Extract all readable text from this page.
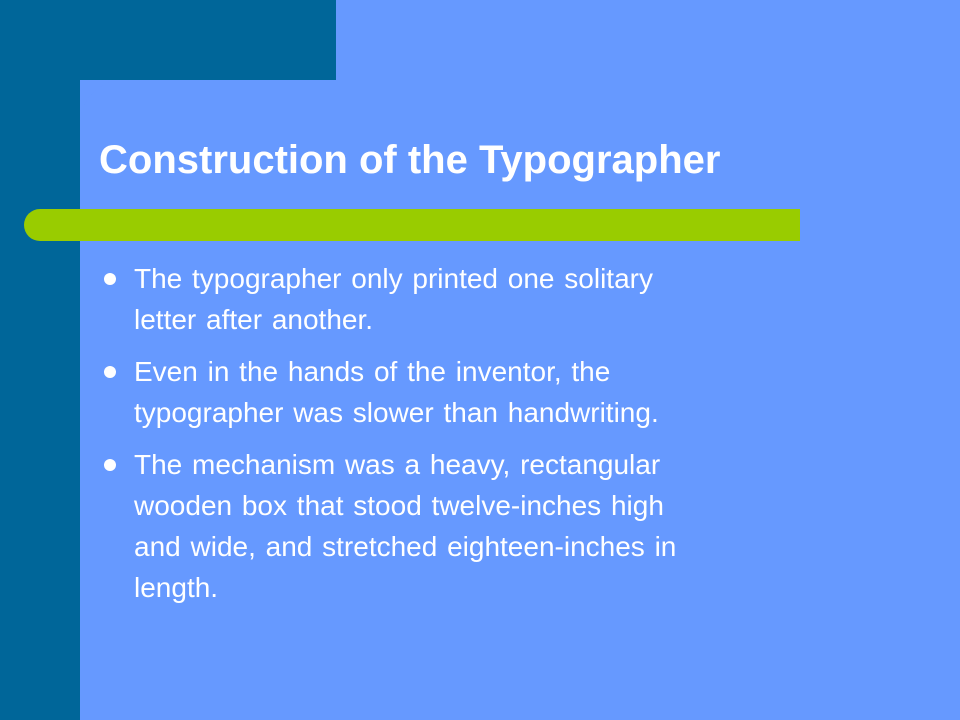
Construction of the Typographer
The typographer only printed one solitary
letter after another.
Even in the hands of the inventor, the
typographer was slower than handwriting.
The mechanism was a heavy, rectangular
wooden box that stood twelve-inches high
and wide, and stretched eighteen-inches in
length.
